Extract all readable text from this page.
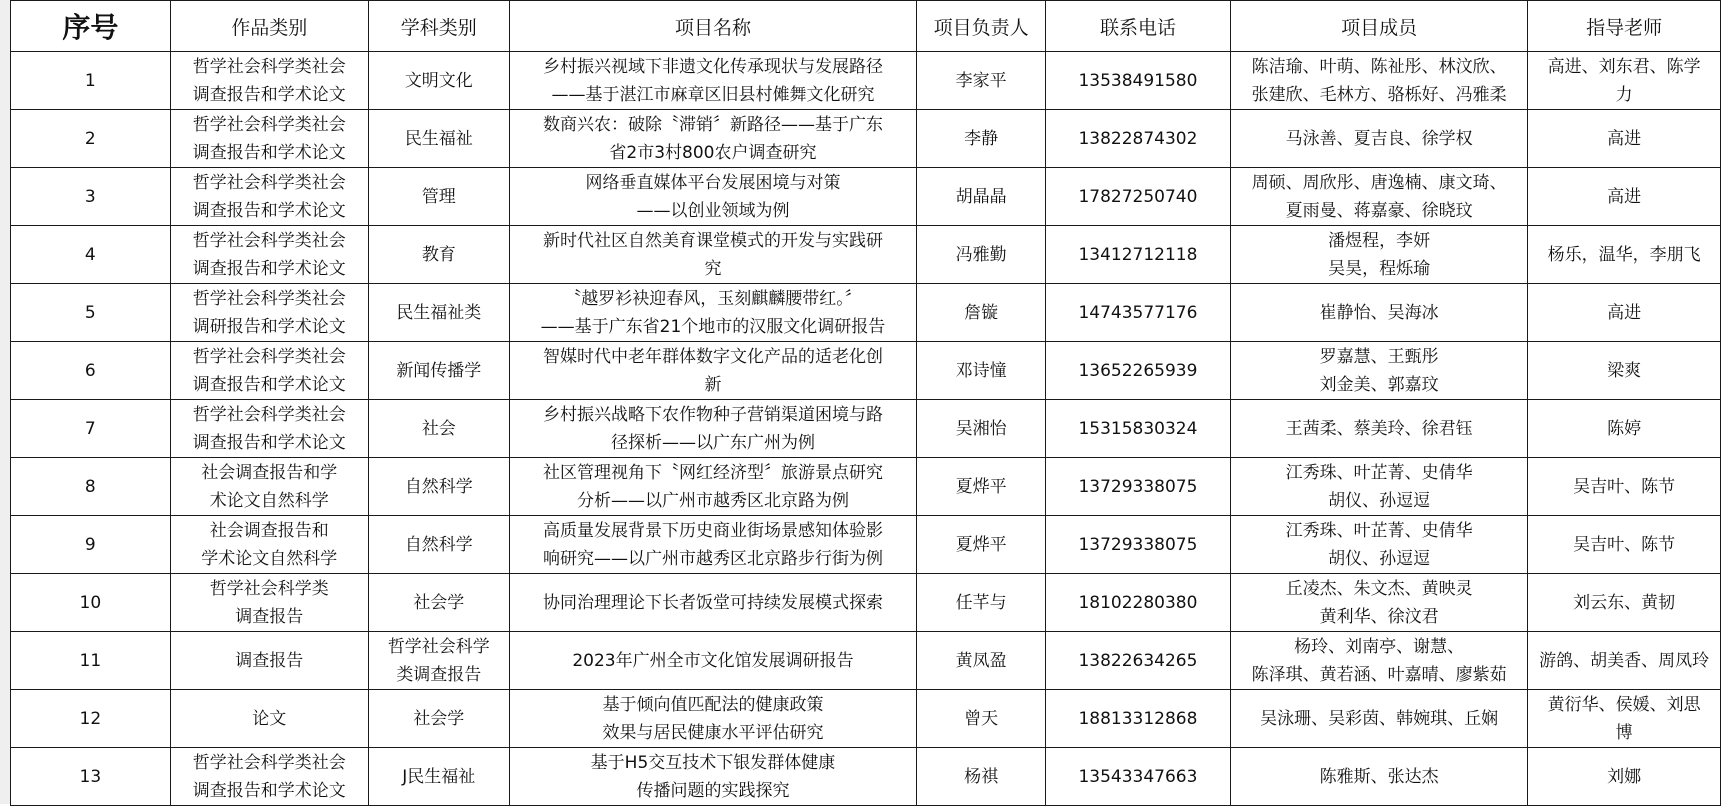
序号	作品类别	学科类别	项目名称	项目负责人	联系电话	项目成员	指导老师
1	哲学社会科学类社会
调查报告和学术论文	文明文化	乡村振兴视域下非遗文化传承现状与发展路径
——基于湛江市麻章区旧县村傩舞文化研究	李家平	13538491580	陈洁瑜、叶萌、陈祉彤、林汶欣、
张建欣、毛林方、骆栎好、冯雅柔	高进、刘东君、陈学
力

2	哲学社会科学类社会
调查报告和学术论文	民生福祉	数商兴农：破除〝滞销〞新路径——基于广东
省2市3村800农户调查研究	李静	13822874302	马泳善、夏吉良、徐学权	高进

3	哲学社会科学类社会
调查报告和学术论文	管理	网络垂直媒体平台发展困境与对策
——以创业领域为例	胡晶晶	17827250740	周硕、周欣彤、唐逸楠、康文琦、
夏雨曼、蒋嘉豪、徐晓玟	高进

4	哲学社会科学类社会
调查报告和学术论文	教育	新时代社区自然美育课堂模式的开发与实践研
究	冯雅勤	13412712118	潘煜程，李妍
吴昊，程烁瑜	杨乐，温华，李朋飞

5	哲学社会科学类社会
调研报告和学术论文	民生福祉类	〝越罗衫袂迎春风，玉刻麒麟腰带红。〞
——基于广东省21个地市的汉服文化调研报告	詹镟	14743577176	崔静怡、吴海冰	高进

6	哲学社会科学类社会
调查报告和学术论文	新闻传播学	智媒时代中老年群体数字文化产品的适老化创
新	邓诗憧	13652265939	罗嘉慧、王甄彤
刘金美、郭嘉玟	梁爽

7	哲学社会科学类社会
调查报告和学术论文	社会	乡村振兴战略下农作物种子营销渠道困境与路
径探析——以广东广州为例	吴湘怡	15315830324	王茜柔、蔡美玲、徐君钰	陈婷

8	社会调查报告和学
术论文自然科学	自然科学	社区管理视角下〝网红经济型〞旅游景点研究
分析——以广州市越秀区北京路为例	夏烨平	13729338075	江秀珠、叶芷菁、史倩华
胡仪、孙逗逗	吴吉叶、陈节

9	社会调查报告和
学术论文自然科学	自然科学	高质量发展背景下历史商业街场景感知体验影
响研究——以广州市越秀区北京路步行街为例	夏烨平	13729338075	江秀珠、叶芷菁、史倩华
胡仪、孙逗逗	吴吉叶、陈节

10	哲学社会科学类
调查报告	社会学	协同治理理论下长者饭堂可持续发展模式探索	任芊与	18102280380	丘凌杰、朱文杰、黄映灵
黄利华、徐汶君	刘云东、黄韧

11	调查报告	哲学社会科学
类调查报告	2023年广州全市文化馆发展调研报告	黄凤盈	13822634265	杨玲、刘南亭、谢慧、
陈泽琪、黄若涵、叶嘉晴、廖紫茹	游鸽、胡美香、周凤玲

12	论文	社会学	基于倾向值匹配法的健康政策
效果与居民健康水平评估研究	曾天	18813312868	吴泳珊、吴彩茵、韩婉琪、丘娴	黄衍华、侯媛、刘思
博

13	哲学社会科学类社会
调查报告和学术论文	J民生福祉	基于H5交互技术下银发群体健康
传播问题的实践探究	杨祺	13543347663	陈雅斯、张达杰	刘娜
